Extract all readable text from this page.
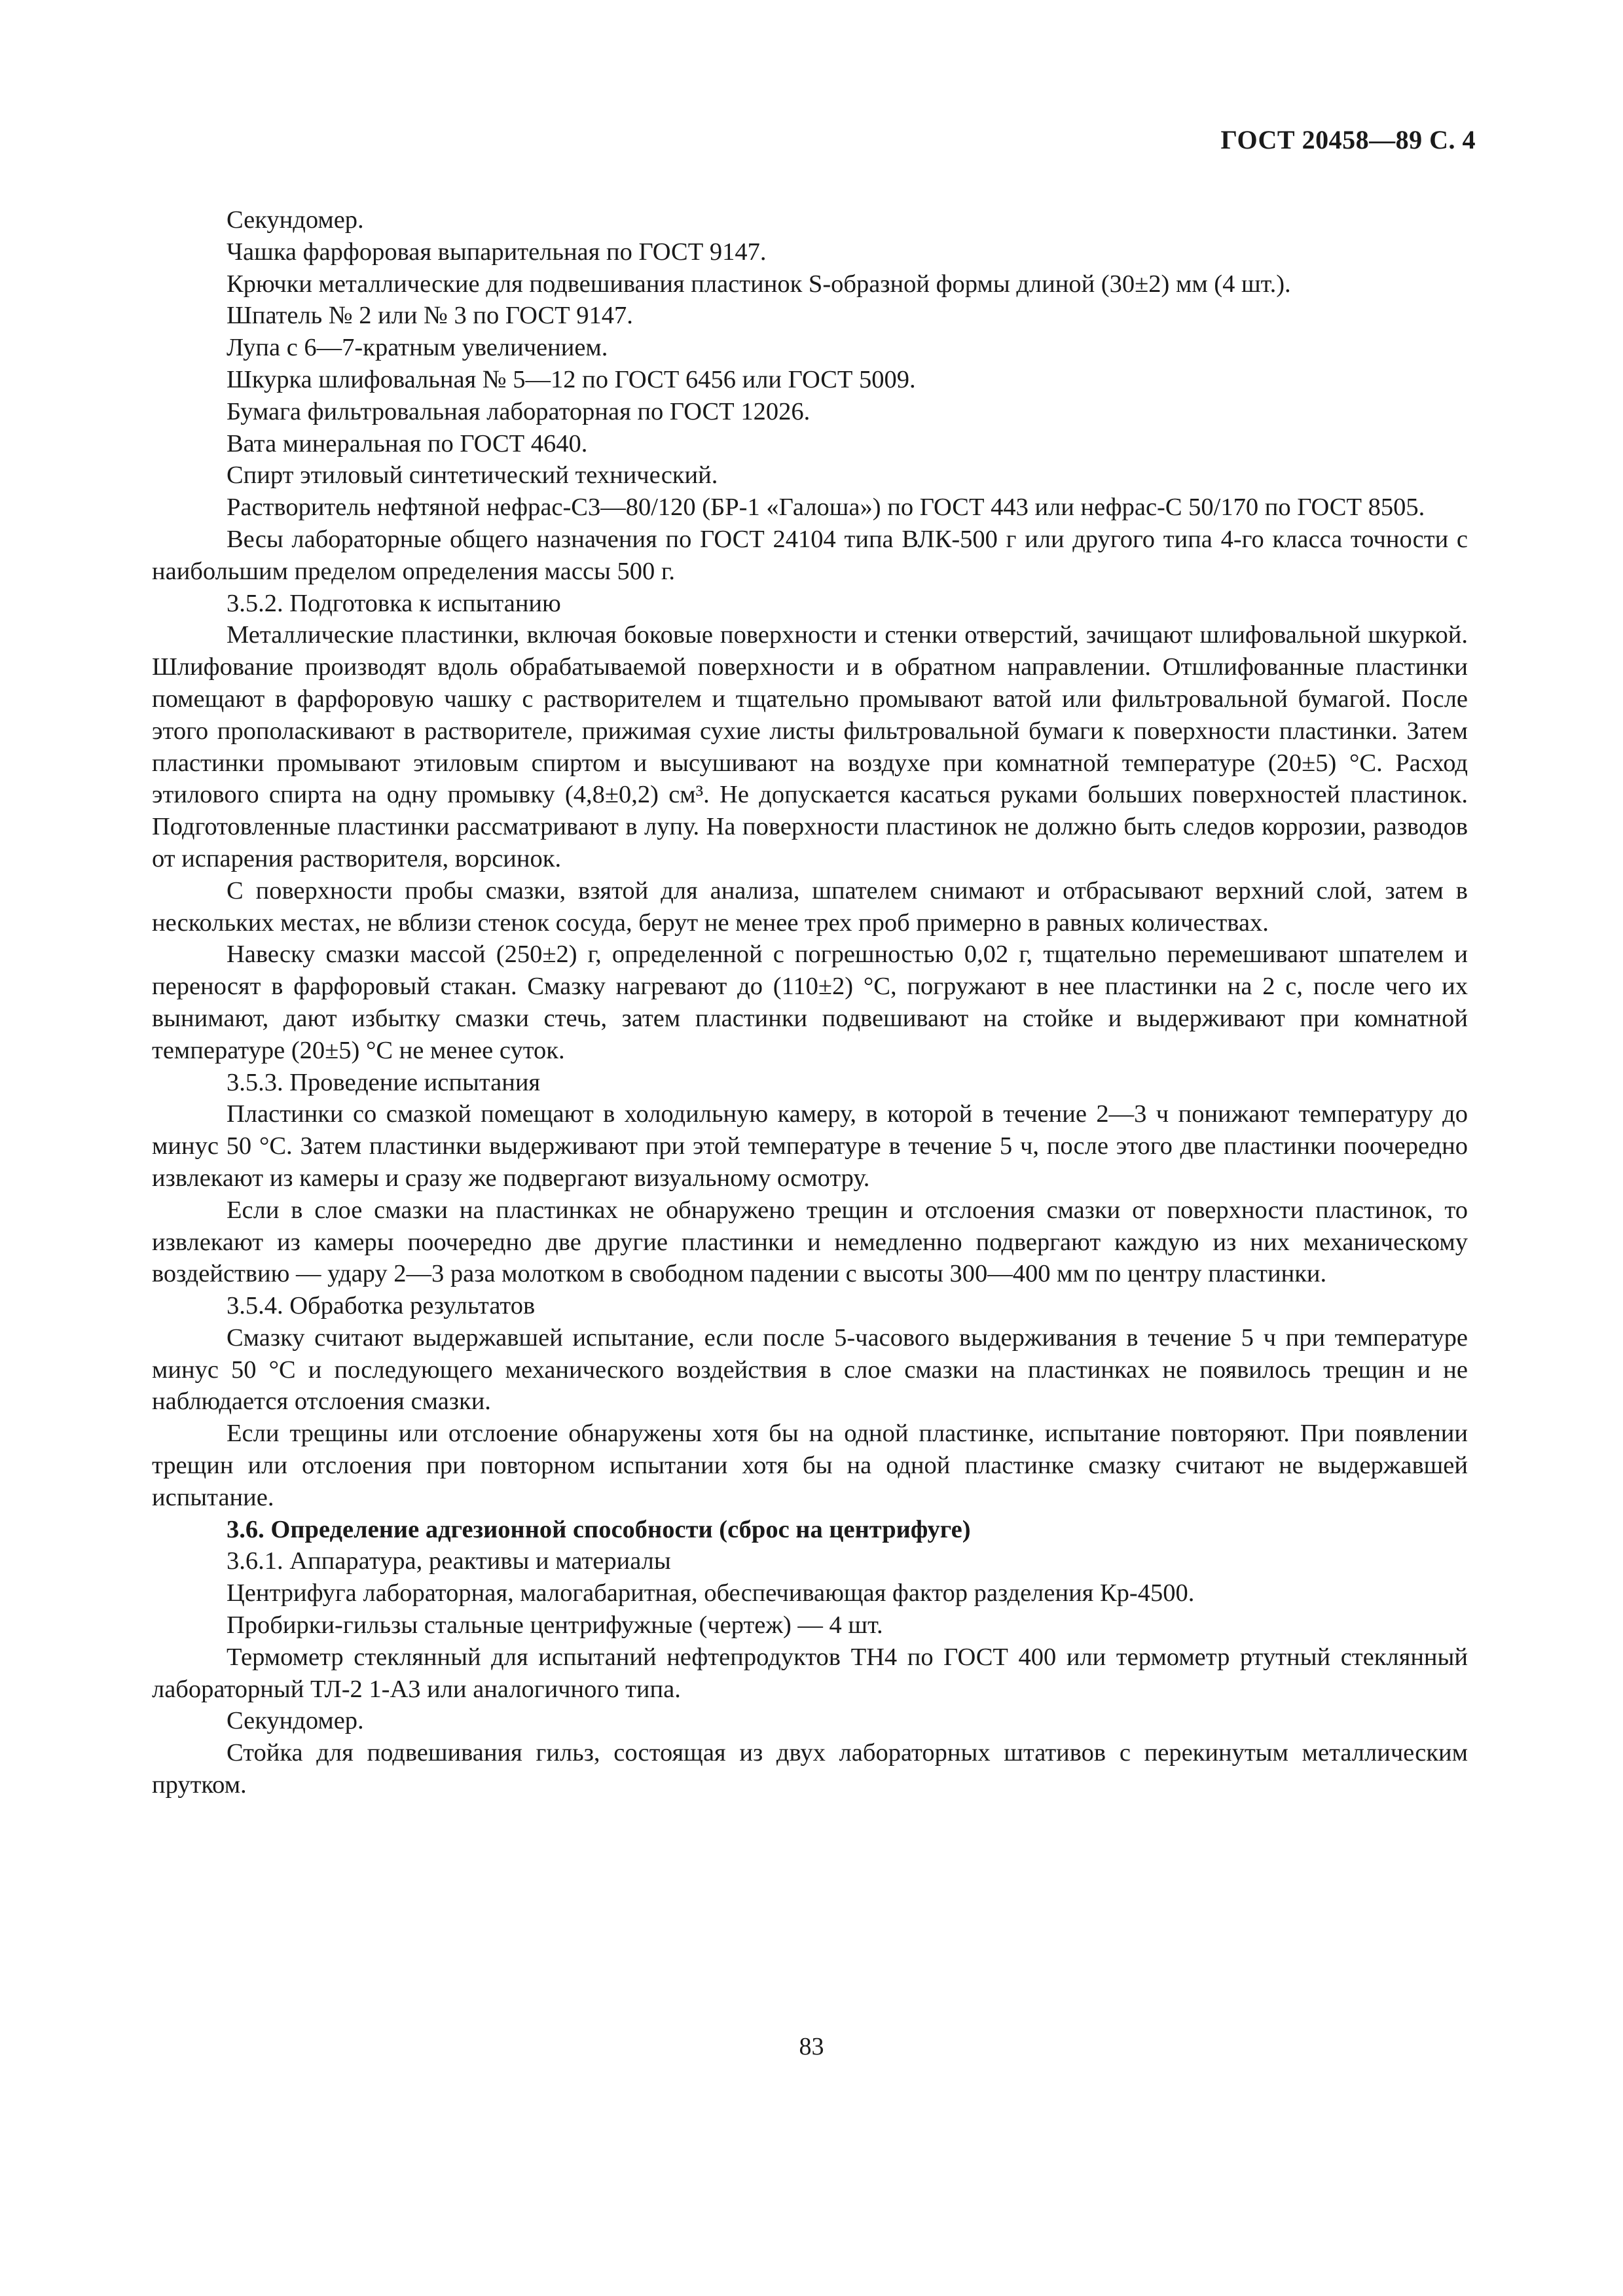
ГОСТ 20458—89 С. 4

Секундомер.

Чашка фарфоровая выпарительная по ГОСТ 9147.

Крючки металлические для подвешивания пластинок S-образной формы длиной (30±2) мм (4 шт.).

Шпатель № 2 или № 3 по ГОСТ 9147.

Лупа с 6—7-кратным увеличением.

Шкурка шлифовальная № 5—12 по ГОСТ 6456 или ГОСТ 5009.

Бумага фильтровальная лабораторная по ГОСТ 12026.

Вата минеральная по ГОСТ 4640.

Спирт этиловый синтетический технический.

Растворитель нефтяной нефрас-С3—80/120 (БР-1 «Галоша») по ГОСТ 443 или нефрас-С 50/170 по ГОСТ 8505.

Весы лабораторные общего назначения по ГОСТ 24104 типа ВЛК-500 г или другого типа 4-го класса точности с наибольшим пределом определения массы 500 г.

3.5.2. Подготовка к испытанию

Металлические пластинки, включая боковые поверхности и стенки отверстий, зачищают шлифовальной шкуркой. Шлифование производят вдоль обрабатываемой поверхности и в обратном направлении. Отшлифованные пластинки помещают в фарфоровую чашку с растворителем и тщательно промывают ватой или фильтровальной бумагой. После этого прополаскивают в растворителе, прижимая сухие листы фильтровальной бумаги к поверхности пластинки. Затем пластинки промывают этиловым спиртом и высушивают на воздухе при комнатной температуре (20±5) °С. Расход этилового спирта на одну промывку (4,8±0,2) см³. Не допускается касаться руками больших поверхностей пластинок. Подготовленные пластинки рассматривают в лупу. На поверхности пластинок не должно быть следов коррозии, разводов от испарения растворителя, ворсинок.

С поверхности пробы смазки, взятой для анализа, шпателем снимают и отбрасывают верхний слой, затем в нескольких местах, не вблизи стенок сосуда, берут не менее трех проб примерно в равных количествах.

Навеску смазки массой (250±2) г, определенной с погрешностью 0,02 г, тщательно перемешивают шпателем и переносят в фарфоровый стакан. Смазку нагревают до (110±2) °С, погружают в нее пластинки на 2 с, после чего их вынимают, дают избытку смазки стечь, затем пластинки подвешивают на стойке и выдерживают при комнатной температуре (20±5) °С не менее суток.

3.5.3. Проведение испытания

Пластинки со смазкой помещают в холодильную камеру, в которой в течение 2—3 ч понижают температуру до минус 50 °С. Затем пластинки выдерживают при этой температуре в течение 5 ч, после этого две пластинки поочередно извлекают из камеры и сразу же подвергают визуальному осмотру.

Если в слое смазки на пластинках не обнаружено трещин и отслоения смазки от поверхности пластинок, то извлекают из камеры поочередно две другие пластинки и немедленно подвергают каждую из них механическому воздействию — удару 2—3 раза молотком в свободном падении с высоты 300—400 мм по центру пластинки.

3.5.4. Обработка результатов

Смазку считают выдержавшей испытание, если после 5-часового выдерживания в течение 5 ч при температуре минус 50 °С и последующего механического воздействия в слое смазки на пластинках не появилось трещин и не наблюдается отслоения смазки.

Если трещины или отслоение обнаружены хотя бы на одной пластинке, испытание повторяют. При появлении трещин или отслоения при повторном испытании хотя бы на одной пластинке смазку считают не выдержавшей испытание.

3.6. Определение адгезионной способности (сброс на центрифуге)

3.6.1. Аппаратура, реактивы и материалы

Центрифуга лабораторная, малогабаритная, обеспечивающая фактор разделения Кр-4500.

Пробирки-гильзы стальные центрифужные (чертеж) — 4 шт.

Термометр стеклянный для испытаний нефтепродуктов ТН4 по ГОСТ 400 или термометр ртутный стеклянный лабораторный ТЛ-2 1-А3 или аналогичного типа.

Секундомер.

Стойка для подвешивания гильз, состоящая из двух лабораторных штативов с перекинутым металлическим прутком.

83
